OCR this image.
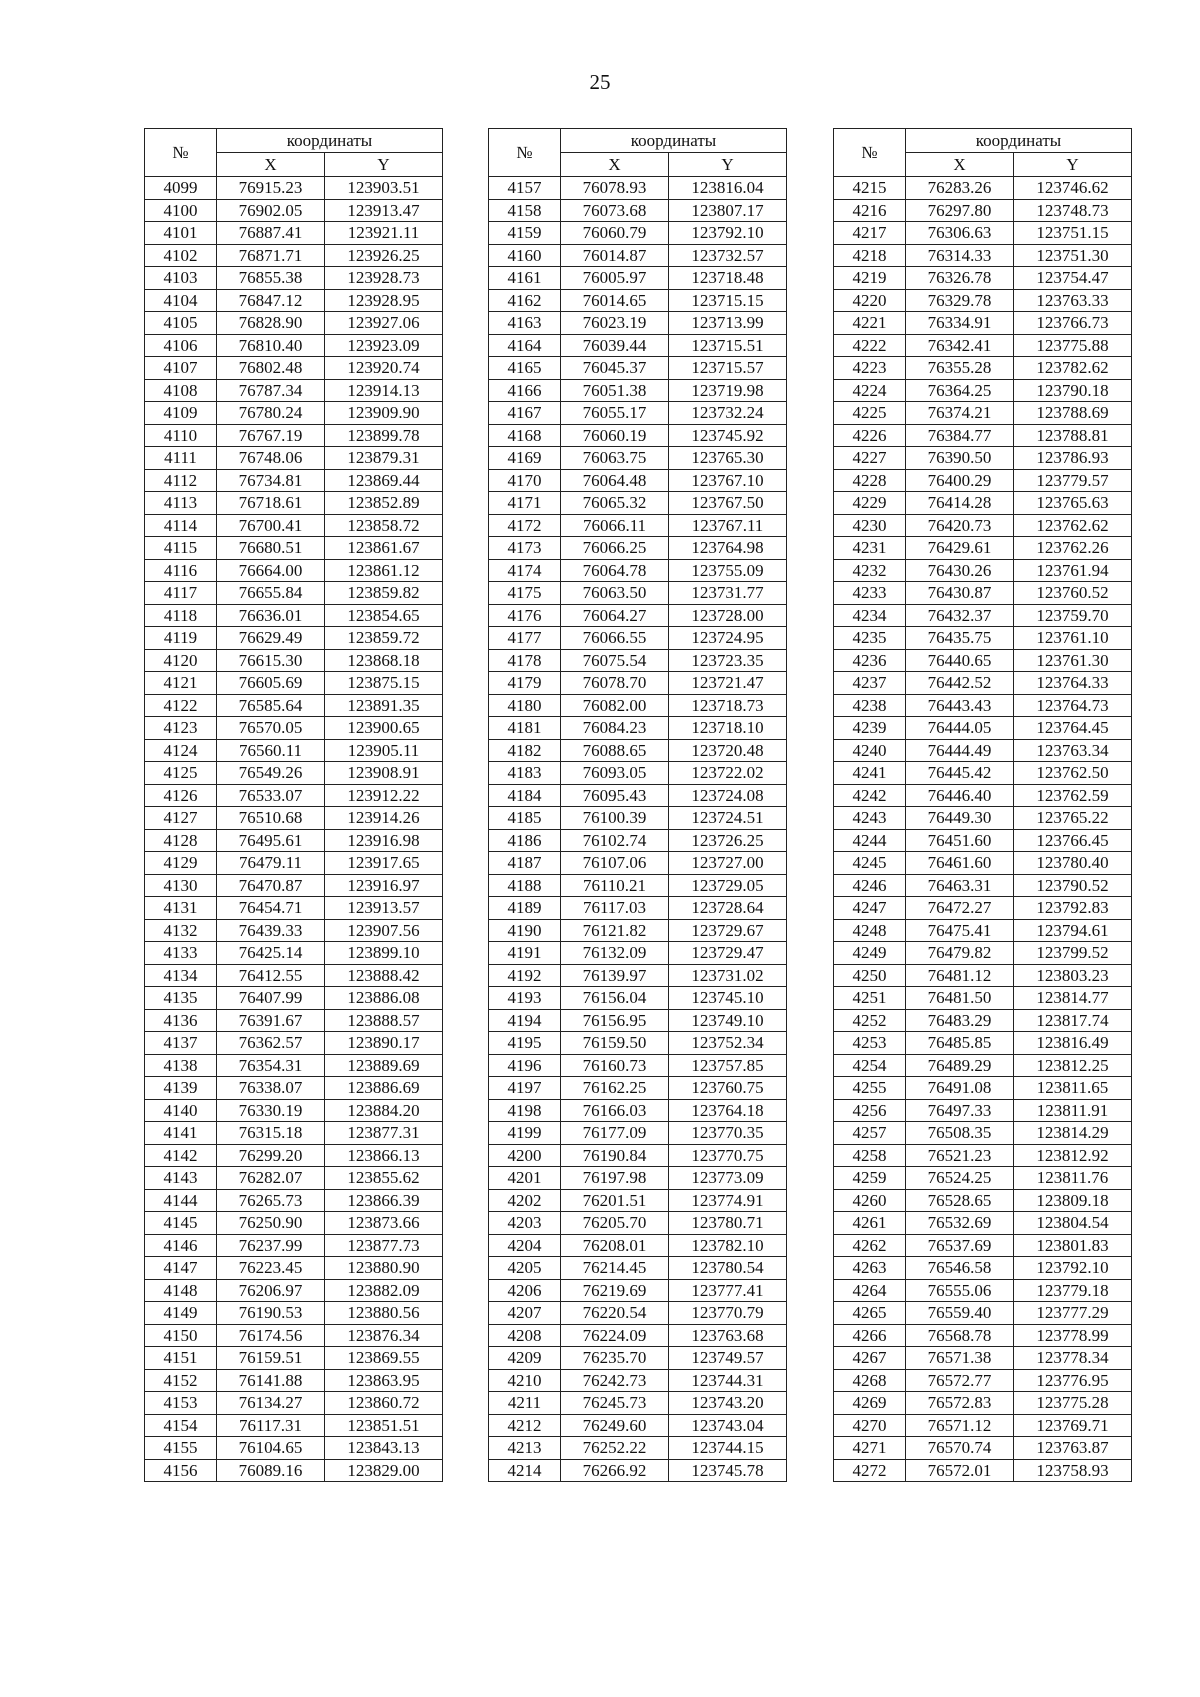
25
№	координаты	
	X	Y
4099	76915.23	123903.51
4100	76902.05	123913.47
4101	76887.41	123921.11
4102	76871.71	123926.25
4103	76855.38	123928.73
4104	76847.12	123928.95
4105	76828.90	123927.06
4106	76810.40	123923.09
4107	76802.48	123920.74
4108	76787.34	123914.13
4109	76780.24	123909.90
4110	76767.19	123899.78
4111	76748.06	123879.31
4112	76734.81	123869.44
4113	76718.61	123852.89
4114	76700.41	123858.72
4115	76680.51	123861.67
4116	76664.00	123861.12
4117	76655.84	123859.82
4118	76636.01	123854.65
4119	76629.49	123859.72
4120	76615.30	123868.18
4121	76605.69	123875.15
4122	76585.64	123891.35
4123	76570.05	123900.65
4124	76560.11	123905.11
4125	76549.26	123908.91
4126	76533.07	123912.22
4127	76510.68	123914.26
4128	76495.61	123916.98
4129	76479.11	123917.65
4130	76470.87	123916.97
4131	76454.71	123913.57
4132	76439.33	123907.56
4133	76425.14	123899.10
4134	76412.55	123888.42
4135	76407.99	123886.08
4136	76391.67	123888.57
4137	76362.57	123890.17
4138	76354.31	123889.69
4139	76338.07	123886.69
4140	76330.19	123884.20
4141	76315.18	123877.31
4142	76299.20	123866.13
4143	76282.07	123855.62
4144	76265.73	123866.39
4145	76250.90	123873.66
4146	76237.99	123877.73
4147	76223.45	123880.90
4148	76206.97	123882.09
4149	76190.53	123880.56
4150	76174.56	123876.34
4151	76159.51	123869.55
4152	76141.88	123863.95
4153	76134.27	123860.72
4154	76117.31	123851.51
4155	76104.65	123843.13
4156	76089.16	123829.00
№	координаты	
	X	Y
4157	76078.93	123816.04
4158	76073.68	123807.17
4159	76060.79	123792.10
4160	76014.87	123732.57
4161	76005.97	123718.48
4162	76014.65	123715.15
4163	76023.19	123713.99
4164	76039.44	123715.51
4165	76045.37	123715.57
4166	76051.38	123719.98
4167	76055.17	123732.24
4168	76060.19	123745.92
4169	76063.75	123765.30
4170	76064.48	123767.10
4171	76065.32	123767.50
4172	76066.11	123767.11
4173	76066.25	123764.98
4174	76064.78	123755.09
4175	76063.50	123731.77
4176	76064.27	123728.00
4177	76066.55	123724.95
4178	76075.54	123723.35
4179	76078.70	123721.47
4180	76082.00	123718.73
4181	76084.23	123718.10
4182	76088.65	123720.48
4183	76093.05	123722.02
4184	76095.43	123724.08
4185	76100.39	123724.51
4186	76102.74	123726.25
4187	76107.06	123727.00
4188	76110.21	123729.05
4189	76117.03	123728.64
4190	76121.82	123729.67
4191	76132.09	123729.47
4192	76139.97	123731.02
4193	76156.04	123745.10
4194	76156.95	123749.10
4195	76159.50	123752.34
4196	76160.73	123757.85
4197	76162.25	123760.75
4198	76166.03	123764.18
4199	76177.09	123770.35
4200	76190.84	123770.75
4201	76197.98	123773.09
4202	76201.51	123774.91
4203	76205.70	123780.71
4204	76208.01	123782.10
4205	76214.45	123780.54
4206	76219.69	123777.41
4207	76220.54	123770.79
4208	76224.09	123763.68
4209	76235.70	123749.57
4210	76242.73	123744.31
4211	76245.73	123743.20
4212	76249.60	123743.04
4213	76252.22	123744.15
4214	76266.92	123745.78
№	координаты	
	X	Y
4215	76283.26	123746.62
4216	76297.80	123748.73
4217	76306.63	123751.15
4218	76314.33	123751.30
4219	76326.78	123754.47
4220	76329.78	123763.33
4221	76334.91	123766.73
4222	76342.41	123775.88
4223	76355.28	123782.62
4224	76364.25	123790.18
4225	76374.21	123788.69
4226	76384.77	123788.81
4227	76390.50	123786.93
4228	76400.29	123779.57
4229	76414.28	123765.63
4230	76420.73	123762.62
4231	76429.61	123762.26
4232	76430.26	123761.94
4233	76430.87	123760.52
4234	76432.37	123759.70
4235	76435.75	123761.10
4236	76440.65	123761.30
4237	76442.52	123764.33
4238	76443.43	123764.73
4239	76444.05	123764.45
4240	76444.49	123763.34
4241	76445.42	123762.50
4242	76446.40	123762.59
4243	76449.30	123765.22
4244	76451.60	123766.45
4245	76461.60	123780.40
4246	76463.31	123790.52
4247	76472.27	123792.83
4248	76475.41	123794.61
4249	76479.82	123799.52
4250	76481.12	123803.23
4251	76481.50	123814.77
4252	76483.29	123817.74
4253	76485.85	123816.49
4254	76489.29	123812.25
4255	76491.08	123811.65
4256	76497.33	123811.91
4257	76508.35	123814.29
4258	76521.23	123812.92
4259	76524.25	123811.76
4260	76528.65	123809.18
4261	76532.69	123804.54
4262	76537.69	123801.83
4263	76546.58	123792.10
4264	76555.06	123779.18
4265	76559.40	123777.29
4266	76568.78	123778.99
4267	76571.38	123778.34
4268	76572.77	123776.95
4269	76572.83	123775.28
4270	76571.12	123769.71
4271	76570.74	123763.87
4272	76572.01	123758.93
